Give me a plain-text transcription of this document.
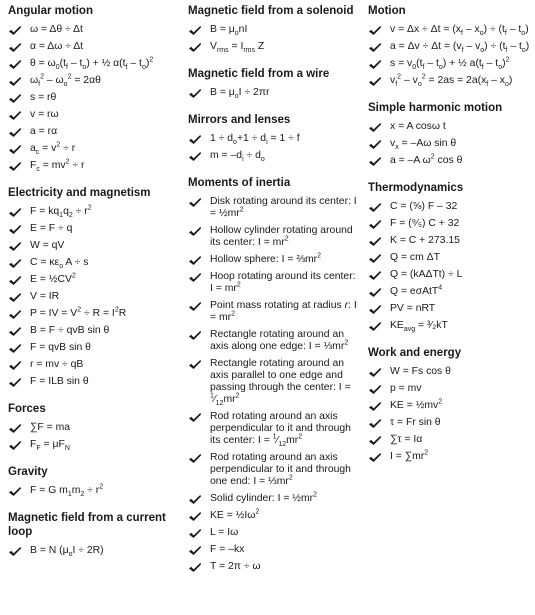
Angular motion
ω = Δθ ÷ Δt
α = Δω ÷ Δt
$\theta = \omega_0(t_f - t_o)$ + ½ $\alpha(t_f - t_o)^2$
$\omega_f^2 - \omega_o^2 = 2\alpha\theta$
s = rθ
v = rω
a = rα
$a_c = v^2 \div r$
$F_c = mv^2 \div r$
Electricity and magnetism
$F = kq_1q_2 \div r^2$
E = F ÷ q
W = qV
$C = \kappa\varepsilon_o$ A ÷ s
$E = \frac{1}{2}CV^2$
V = IR
P = IV = $V^2 \div R = I^2R$
B = F ÷ qvB sin θ
F = qvB sin θ
r = mv ÷ qB
F = ILB sin θ
Forces
∑F = ma
$F_F = \mu F_N$
Gravity
F = G $m_1m_2 \div r^2$
Magnetic field from a current loop
B = N $(\mu_oI \div 2R)$
Magnetic field from a solenoid
$B = \mu_onI$
$V_{rms} = I_{rms}$ Z
Magnetic field from a wire
$B = \mu_oI \div 2\pi r$
Mirrors and lenses
$1 \div d_o+1 \div d_i = 1 \div f$
$m = -d_i \div d_o$
Moments of inertia
Disk rotating around its center: $I = \frac{1}{2}mr^2$
Hollow cylinder rotating around its center: $I = mr^2$
Hollow sphere: $I = \frac{2}{3}mr^2$
Hoop rotating around its center: $I = mr^2$
Point mass rotating at radius r: $I = mr^2$
Rectangle rotating around an axis along one edge: $I = \frac{1}{3}mr^2$
Rectangle rotating around an axis parallel to one edge and passing through the center: $I = ^1⁄_{12}mr^2$
Rod rotating around an axis perpendicular to it and through its center: $I = ^1⁄_{12}mr^2$
Rod rotating around an axis perpendicular to it and through one end: $I = \frac{1}{3}mr^2$
Solid cylinder: $I = \frac{1}{2}mr^2$
KE = $\frac{1}{2}I\omega^2$
L = Iω
F = –kx
T = 2π ÷ ω
Motion
$v = \Delta x \div \Delta t = (x_f - x_o) \div (t_f - t_o)$
$a = \Delta v \div \Delta t = (v_f - v_o) \div (t_f - t_o)$
$s = v_0(t_f - t_o)$ + ½ $a(t_f - t_o)^2$
$v_f^2 - v_o^2 = 2as = 2a(x_f - x_o)$
Simple harmonic motion
x = A cosω t
$v_x = -A\omega$ sin θ
a = –A $\omega^2$ cos θ
Thermodynamics
C = (⅝) F – 32
F = (⁹⁄₅) C + 32
K = C + 273.15
Q = cm ΔT
Q = (kAΔTt) ÷ L
Q = eσAtT$^4$
PV = nRT
$KE_{avg}$ = ³⁄₂kT
Work and energy
W = Fs cos θ
p = mv
KE = $\frac{1}{2}mv^2$
τ = Fr sin θ
∑τ = Iα
$I = \sum mr^2$
